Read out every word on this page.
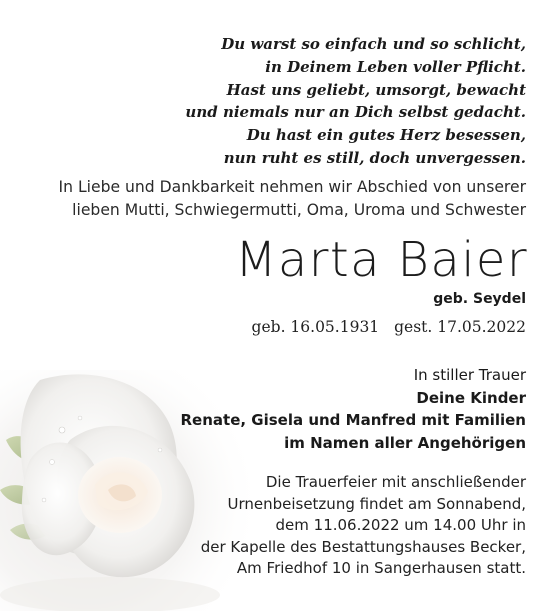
Du warst so einfach und so schlicht,
in Deinem Leben voller Pflicht.
Hast uns geliebt, umsorgt, bewacht
und niemals nur an Dich selbst gedacht.
Du hast ein gutes Herz besessen,
nun ruht es still, doch unvergessen.
In Liebe und Dankbarkeit nehmen wir Abschied von unserer
lieben Mutti, Schwiegermutti, Oma, Uroma und Schwester
Marta Baier
geb. Seydel
geb. 16.05.1931 gest. 17.05.2022
In stiller Trauer
Deine Kinder
Renate, Gisela und Manfred mit Familien
im Namen aller Angehörigen
Die Trauerfeier mit anschließender
Urnenbeisetzung findet am Sonnabend,
dem 11.06.2022 um 14.00 Uhr in
der Kapelle des Bestattungshauses Becker,
Am Friedhof 10 in Sangerhausen statt.
